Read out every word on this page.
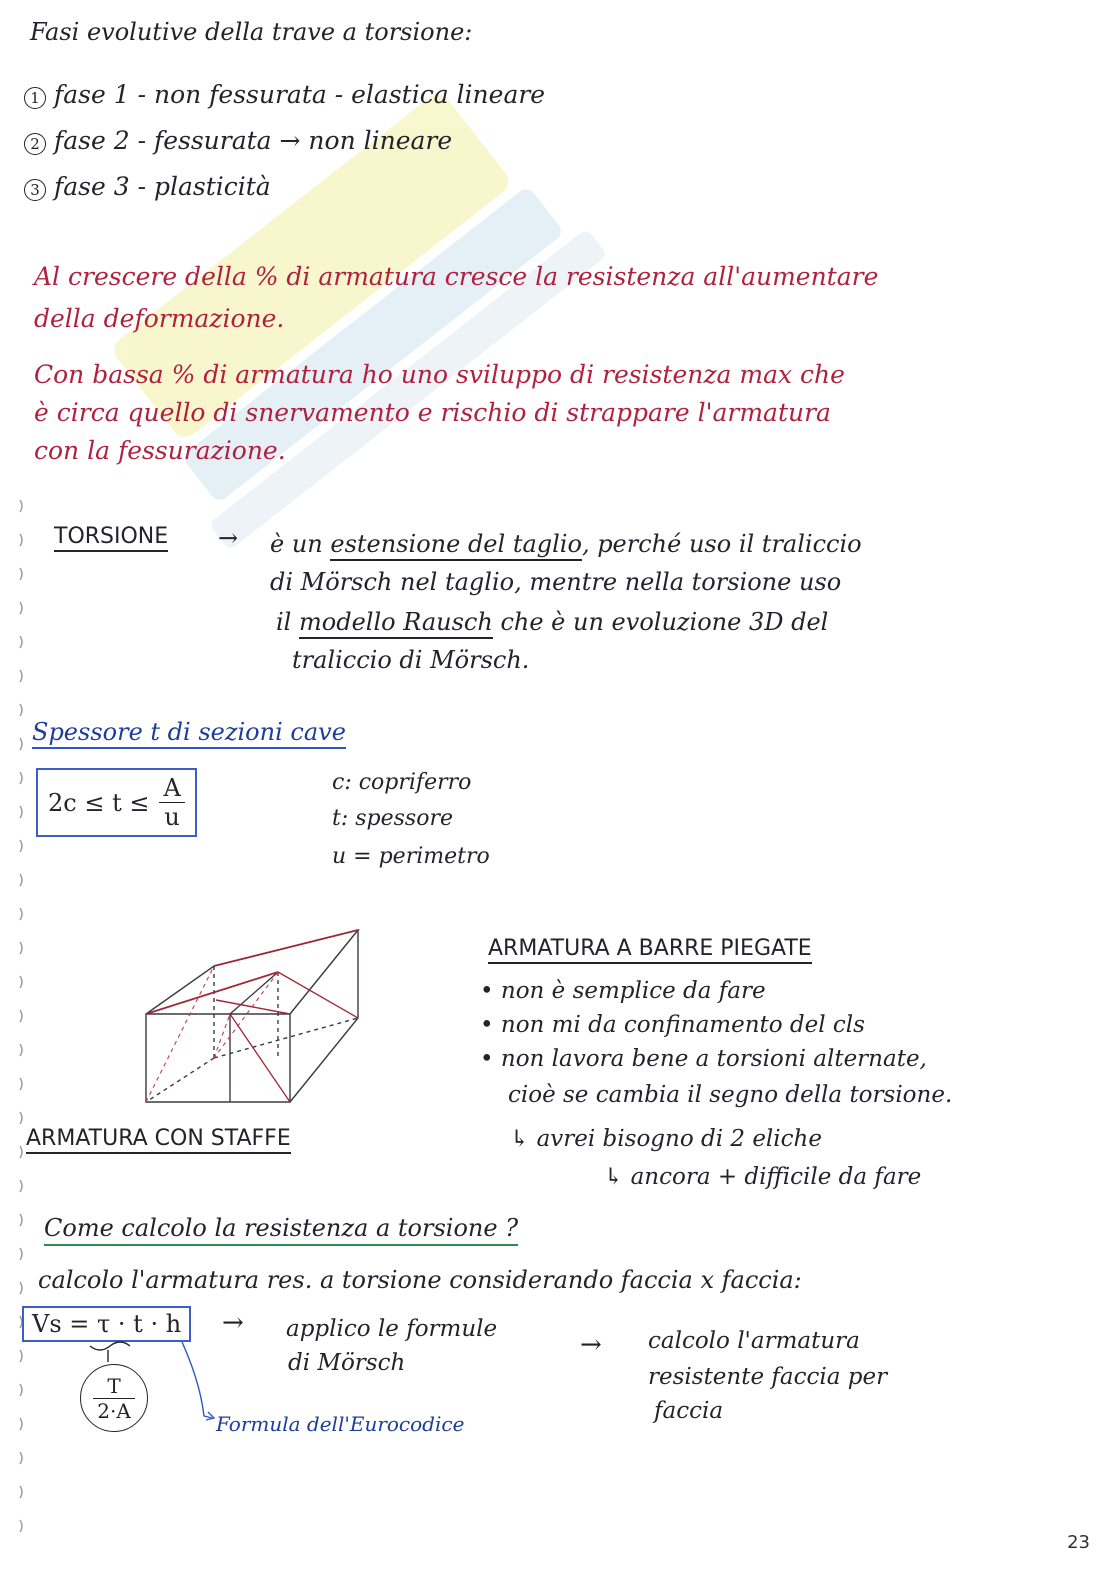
Fasi evolutive della trave a torsione:
1 fase 1 - non fessurata - elastica lineare
2 fase 2 - fessurata → non lineare
3 fase 3 - plasticità
Al crescere della % di armatura cresce la resistenza all'aumentare
della deformazione.
Con bassa % di armatura ho uno sviluppo di resistenza max che
è circa quello di snervamento e rischio di strappare l'armatura
con la fessurazione.
TORSIONE → è un estensione del taglio, perché uso il traliccio
di Mörsch nel taglio, mentre nella torsione uso
il modello Rausch che è un evoluzione 3D del
traliccio di Mörsch.
Spessore t di sezioni cave
$2c \le t \le \frac{A}{u}$	c: copriferro
t: spessore
u = perimetro
ARMATURA A BARRE PIEGATE
• non è semplice da fare
• non mi da confinamento del cls
• non lavora bene a torsioni alternate,
cioè se cambia il segno della torsione.
↳ avrei bisogno di 2 eliche
↳ ancora + difficile da fare
ARMATURA CON STAFFE
Come calcolo la resistenza a torsione ?
calcolo l'armatura res. a torsione considerando faccia x faccia:
Vs = τ · t · h
$\frac{T}{2\cdot A}$
→ applico le formule
di Mörsch
→ calcolo l'armatura
resistente faccia per
faccia
Formula dell'Eurocodice
23
